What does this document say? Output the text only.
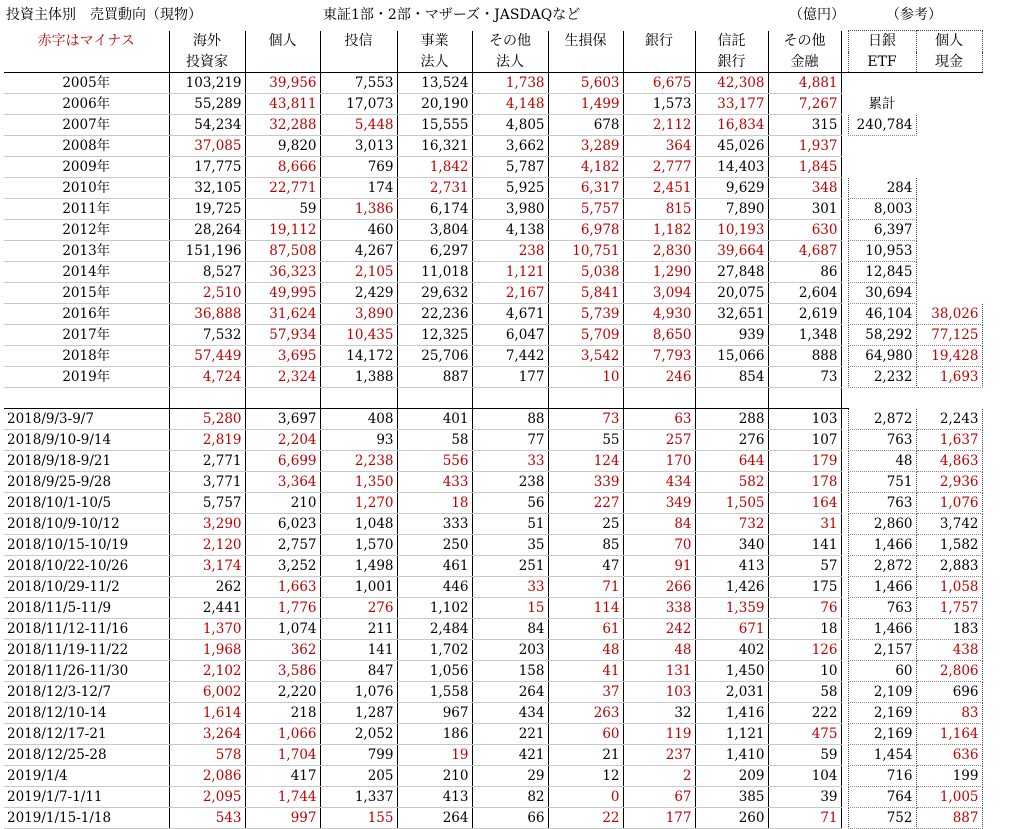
投資主体別　売買動向（現物）	東証1部・2部・マザーズ・JASDAQなど	（億円）	（参考）
赤字はマイナス	海外	個人	投信	事業	その他	生損保	銀行	信託	その他		日銀	個人
	投資家			法人	法人			銀行	金融		ETF	現金
2005年	103,219	39,956	7,553	13,524	1,738	5,603	6,675	42,308	4,881			
2006年	55,289	43,811	17,073	20,190	4,148	1,499	1,573	33,177	7,267		累計	
2007年	54,234	32,288	5,448	15,555	4,805	678	2,112	16,834	315		240,784	
2008年	37,085	9,820	3,013	16,321	3,662	3,289	364	45,026	1,937			
2009年	17,775	8,666	769	1,842	5,787	4,182	2,777	14,403	1,845			
2010年	32,105	22,771	174	2,731	5,925	6,317	2,451	9,629	348		284	
2011年	19,725	59	1,386	6,174	3,980	5,757	815	7,890	301		8,003	
2012年	28,264	19,112	460	3,804	4,138	6,978	1,182	10,193	630		6,397	
2013年	151,196	87,508	4,267	6,297	238	10,751	2,830	39,664	4,687		10,953	
2014年	8,527	36,323	2,105	11,018	1,121	5,038	1,290	27,848	86		12,845	
2015年	2,510	49,995	2,429	29,632	2,167	5,841	3,094	20,075	2,604		30,694	
2016年	36,888	31,624	3,890	22,236	4,671	5,739	4,930	32,651	2,619		46,104	38,026
2017年	7,532	57,934	10,435	12,325	6,047	5,709	8,650	939	1,348		58,292	77,125
2018年	57,449	3,695	14,172	25,706	7,442	3,542	7,793	15,066	888		64,980	19,428
2019年	4,724	2,324	1,388	887	177	10	246	854	73		2,232	1,693

2018/9/3-9/7	5,280	3,697	408	401	88	73	63	288	103		2,872	2,243
2018/9/10-9/14	2,819	2,204	93	58	77	55	257	276	107		763	1,637
2018/9/18-9/21	2,771	6,699	2,238	556	33	124	170	644	179		48	4,863
2018/9/25-9/28	3,771	3,364	1,350	433	238	339	434	582	178		751	2,936
2018/10/1-10/5	5,757	210	1,270	18	56	227	349	1,505	164		763	1,076
2018/10/9-10/12	3,290	6,023	1,048	333	51	25	84	732	31		2,860	3,742
2018/10/15-10/19	2,120	2,757	1,570	250	35	85	70	340	141		1,466	1,582
2018/10/22-10/26	3,174	3,252	1,498	461	251	47	91	413	57		2,872	2,883
2018/10/29-11/2	262	1,663	1,001	446	33	71	266	1,426	175		1,466	1,058
2018/11/5-11/9	2,441	1,776	276	1,102	15	114	338	1,359	76		763	1,757
2018/11/12-11/16	1,370	1,074	211	2,484	84	61	242	671	18		1,466	183
2018/11/19-11/22	1,968	362	141	1,702	203	48	48	402	126		2,157	438
2018/11/26-11/30	2,102	3,586	847	1,056	158	41	131	1,450	10		60	2,806
2018/12/3-12/7	6,002	2,220	1,076	1,558	264	37	103	2,031	58		2,109	696
2018/12/10-14	1,614	218	1,287	967	434	263	32	1,416	222		2,169	83
2018/12/17-21	3,264	1,066	2,052	186	221	60	119	1,121	475		2,169	1,164
2018/12/25-28	578	1,704	799	19	421	21	237	1,410	59		1,454	636
2019/1/4	2,086	417	205	210	29	12	2	209	104		716	199
2019/1/7-1/11	2,095	1,744	1,337	413	82	0	67	385	39		764	1,005
2019/1/15-1/18	543	997	155	264	66	22	177	260	71		752	887
